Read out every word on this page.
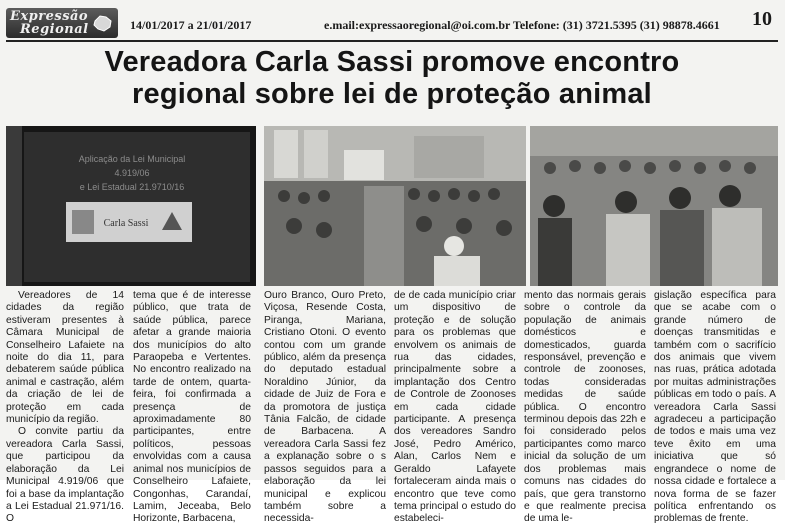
Expressão
Regional	14/01/2017 a 21/01/2017	e.mail:expressaoregional@oi.com.br Telefone: (31) 3721.5395 (31) 98878.4661 10
Vereadora Carla Sassi promove encontro
regional sobre lei de proteção animal
Aplicação da Lei Municipal
4.919/06
e Lei Estadual 21.9710/16
Carla Sassi

Vereadores de 14 cidades da região estiveram presentes à Câmara Municipal de Conselheiro Lafaiete na noite do dia 11, para debaterem saúde pública animal e castração, além da criação de lei de proteção em cada município da região.

O convite partiu da vereadora Carla Sassi, que participou da elaboração da Lei Municipal 4.919/06 que foi a base da implantação a Lei Estadual 21.971/16. O

tema que é de interesse público, que trata de saúde pública, parece afetar a grande maioria dos municípios do alto Paraopeba e Vertentes. No encontro realizado na tarde de ontem, quarta-feira, foi confirmada a presença de aproximadamente 80 participantes, entre políticos, pessoas envolvidas com a causa animal nos municípios de Conselheiro Lafaiete, Congonhas, Carandaí, Lamim, Jeceaba, Belo Horizonte, Barbacena,

Ouro Branco, Ouro Preto, Viçosa, Resende Costa, Piranga, Mariana, Cristiano Otoni. O evento contou com um grande público, além da presença do deputado estadual Noraldino Júnior, da cidade de Juiz de Fora e da promotora de justiça Tânia Falcão, de cidade de Barbacena. A vereadora Carla Sassi fez a explanação sobre o s passos seguidos para a elaboração da lei municipal e explicou também sobre a necessida-

de de cada município criar um dispositivo de proteção e de solução para os problemas que envolvem os animais de rua das cidades, principalmente sobre a implantação dos Centro de Controle de Zoonoses em cada cidade participante. A presença dos vereadores Sandro José, Pedro Américo, Alan, Carlos Nem e Geraldo Lafayete fortaleceram ainda mais o encontro que teve como tema principal o estudo do estabeleci-

mento das normais gerais sobre o controle da população de animais domésticos e domesticados, guarda responsável, prevenção e controle de zoonoses, todas consideradas medidas de saúde pública. O encontro terminou depois das 22h e foi considerado pelos participantes como marco inicial da solução de um dos problemas mais comuns nas cidades do país, que gera transtorno e que realmente precisa de uma le-

gislação específica para que se acabe com o grande número de doenças transmitidas e também com o sacrifício dos animais que vivem nas ruas, prática adotada por muitas administrações públicas em todo o país. A vereadora Carla Sassi agradeceu a participação de todos e mais uma vez teve êxito em uma iniciativa que só engrandece o nome de nossa cidade e fortalece a nova forma de se fazer política enfrentando os problemas de frente.
